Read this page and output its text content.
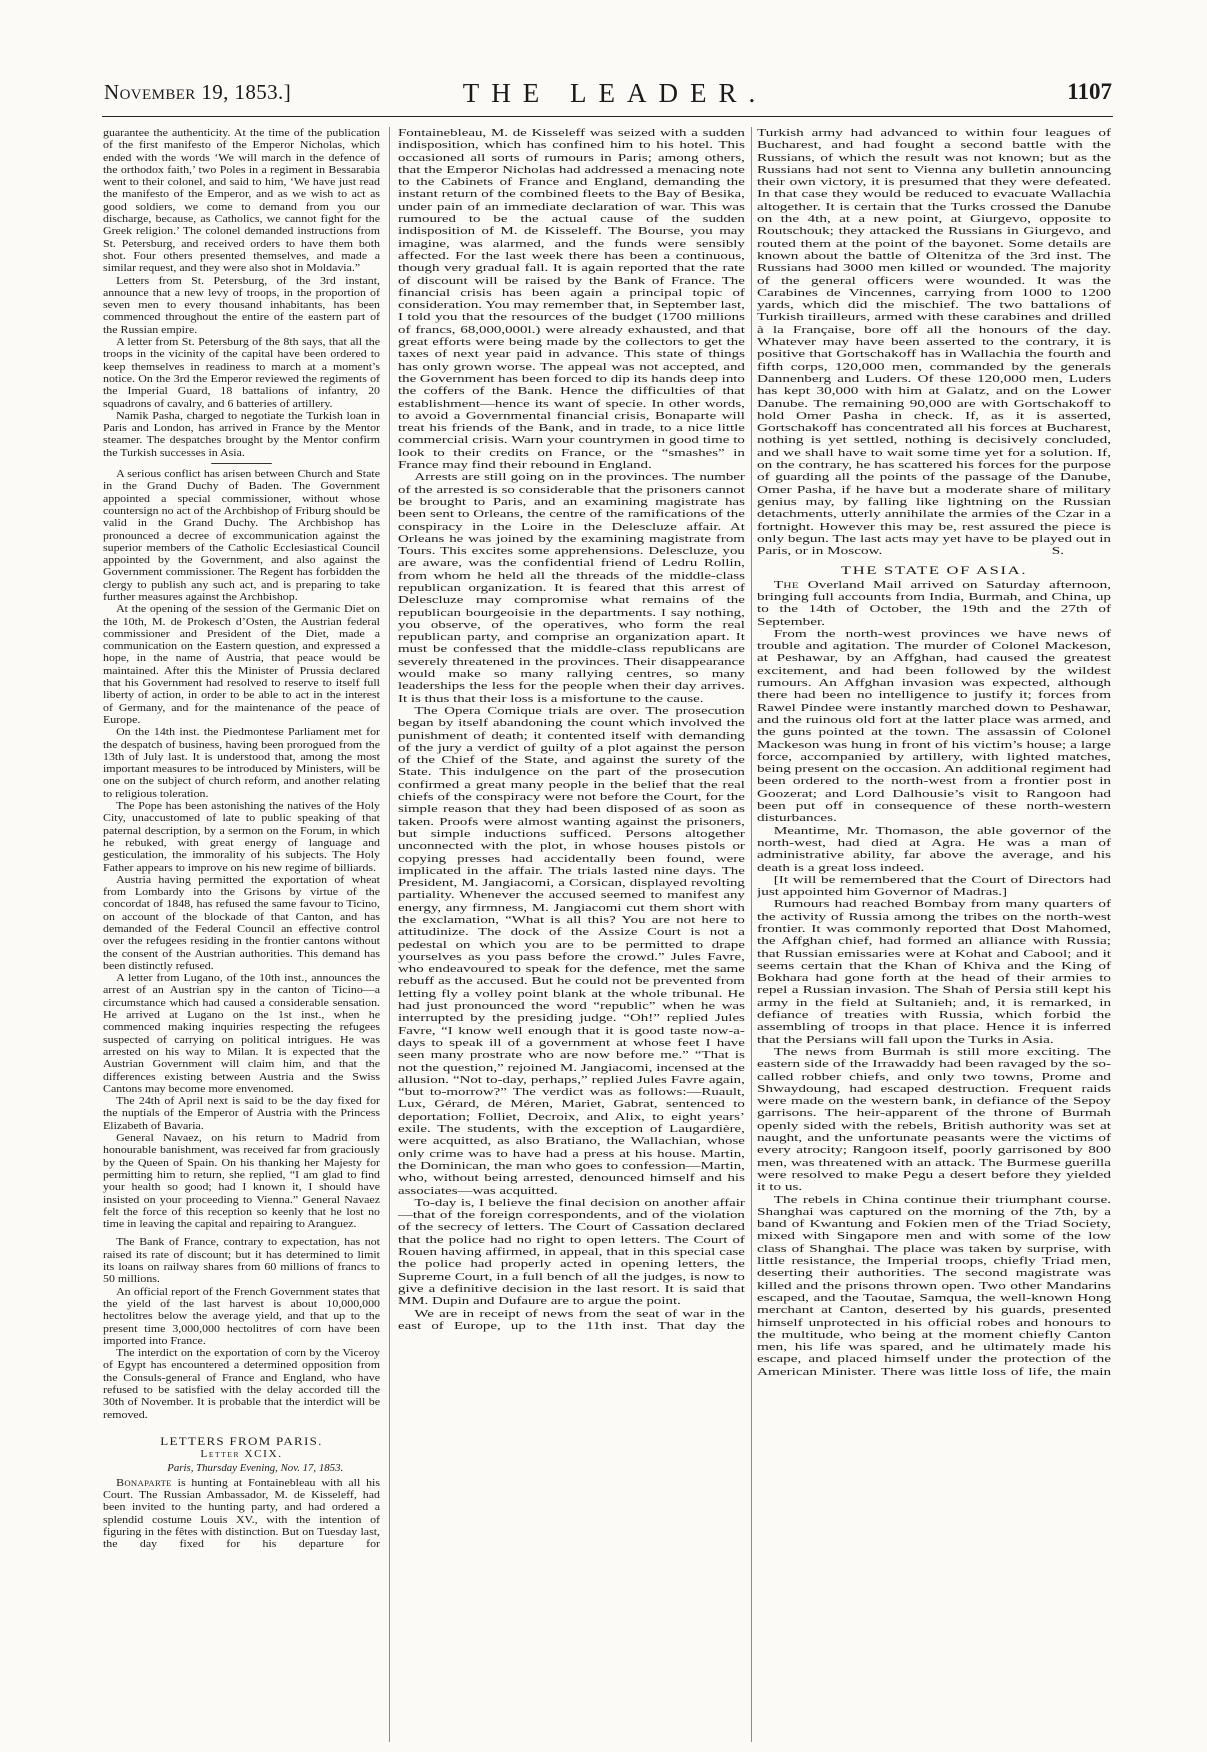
November 19, 1853.]	THE LEADER.	1107

guarantee the authenticity. At the time of the publication of the first manifesto of the Emperor Nicholas, which ended with the words ‘We will march in the defence of the orthodox faith,’ two Poles in a regiment in Bessarabia went to their colonel, and said to him, ‘We have just read the manifesto of the Emperor, and as we wish to act as good soldiers, we come to demand from you our discharge, because, as Catholics, we cannot fight for the Greek religion.’ The colonel demanded instructions from St. Petersburg, and received orders to have them both shot. Four others presented themselves, and made a similar request, and they were also shot in Moldavia.”

Letters from St. Petersburg, of the 3rd instant, announce that a new levy of troops, in the proportion of seven men to every thousand inhabitants, has been commenced throughout the entire of the eastern part of the Russian empire.

A letter from St. Petersburg of the 8th says, that all the troops in the vicinity of the capital have been ordered to keep themselves in readiness to march at a moment’s notice. On the 3rd the Emperor reviewed the regiments of the Imperial Guard, 18 battalions of infantry, 20 squadrons of cavalry, and 6 batteries of artillery.

Namik Pasha, charged to negotiate the Turkish loan in Paris and London, has arrived in France by the Mentor steamer. The despatches brought by the Mentor confirm the Turkish successes in Asia.

A serious conflict has arisen between Church and State in the Grand Duchy of Baden. The Government appointed a special commissioner, without whose countersign no act of the Archbishop of Friburg should be valid in the Grand Duchy. The Archbishop has pronounced a decree of excommunication against the superior members of the Catholic Ecclesiastical Council appointed by the Government, and also against the Government commissioner. The Regent has forbidden the clergy to publish any such act, and is preparing to take further measures against the Archbishop.

At the opening of the session of the Germanic Diet on the 10th, M. de Prokesch d’Osten, the Austrian federal commissioner and President of the Diet, made a communication on the Eastern question, and expressed a hope, in the name of Austria, that peace would be maintained. After this the Minister of Prussia declared that his Government had resolved to reserve to itself full liberty of action, in order to be able to act in the interest of Germany, and for the maintenance of the peace of Europe.

On the 14th inst. the Piedmontese Parliament met for the despatch of business, having been prorogued from the 13th of July last. It is understood that, among the most important measures to be introduced by Ministers, will be one on the subject of church reform, and another relating to religious toleration.

The Pope has been astonishing the natives of the Holy City, unaccustomed of late to public speaking of that paternal description, by a sermon on the Forum, in which he rebuked, with great energy of language and gesticulation, the immorality of his subjects. The Holy Father appears to improve on his new regime of billiards.

Austria having permitted the exportation of wheat from Lombardy into the Grisons by virtue of the concordat of 1848, has refused the same favour to Ticino, on account of the blockade of that Canton, and has demanded of the Federal Council an effective control over the refugees residing in the frontier cantons without the consent of the Austrian authorities. This demand has been distinctly refused.

A letter from Lugano, of the 10th inst., announces the arrest of an Austrian spy in the canton of Ticino—a circumstance which had caused a considerable sensation. He arrived at Lugano on the 1st inst., when he commenced making inquiries respecting the refugees suspected of carrying on political intrigues. He was arrested on his way to Milan. It is expected that the Austrian Government will claim him, and that the differences existing between Austria and the Swiss Cantons may become more envenomed.

The 24th of April next is said to be the day fixed for the nuptials of the Emperor of Austria with the Princess Elizabeth of Bavaria.

General Navaez, on his return to Madrid from honourable banishment, was received far from graciously by the Queen of Spain. On his thanking her Majesty for permitting him to return, she replied, “I am glad to find your health so good; had I known it, I should have insisted on your proceeding to Vienna.” General Navaez felt the force of this reception so keenly that he lost no time in leaving the capital and repairing to Aranguez.

The Bank of France, contrary to expectation, has not raised its rate of discount; but it has determined to limit its loans on railway shares from 60 millions of francs to 50 millions.

An official report of the French Government states that the yield of the last harvest is about 10,000,000 hectolitres below the average yield, and that up to the present time 3,000,000 hectolitres of corn have been imported into France.

The interdict on the exportation of corn by the Viceroy of Egypt has encountered a determined opposition from the Consuls-general of France and England, who have refused to be satisfied with the delay accorded till the 30th of November. It is probable that the interdict will be removed.

LETTERS FROM PARIS.
Letter XCIX.
Paris, Thursday Evening, Nov. 17, 1853.

Bonaparte is hunting at Fontainebleau with all his Court. The Russian Ambassador, M. de Kisseleff, had been invited to the hunting party, and had ordered a splendid costume Louis XV., with the intention of figuring in the fêtes with distinction. But on Tuesday last, the day fixed for his departure for

Fontainebleau, M. de Kisseleff was seized with a sudden indisposition, which has confined him to his hotel. This occasioned all sorts of rumours in Paris; among others, that the Emperor Nicholas had addressed a menacing note to the Cabinets of France and England, demanding the instant return of the combined fleets to the Bay of Besika, under pain of an immediate declaration of war. This was rumoured to be the actual cause of the sudden indisposition of M. de Kisseleff. The Bourse, you may imagine, was alarmed, and the funds were sensibly affected. For the last week there has been a continuous, though very gradual fall. It is again reported that the rate of discount will be raised by the Bank of France. The financial crisis has been again a principal topic of consideration. You may remember that, in September last, I told you that the resources of the budget (1700 millions of francs, 68,000,000l.) were already exhausted, and that great efforts were being made by the collectors to get the taxes of next year paid in advance. This state of things has only grown worse. The appeal was not accepted, and the Government has been forced to dip its hands deep into the coffers of the Bank. Hence the difficulties of that establishment—hence its want of specie. In other words, to avoid a Governmental financial crisis, Bonaparte will treat his friends of the Bank, and in trade, to a nice little commercial crisis. Warn your countrymen in good time to look to their credits on France, or the “smashes” in France may find their rebound in England.

Arrests are still going on in the provinces. The number of the arrested is so considerable that the prisoners cannot be brought to Paris, and an examining magistrate has been sent to Orleans, the centre of the ramifications of the conspiracy in the Loire in the Delescluze affair. At Orleans he was joined by the examining magistrate from Tours. This excites some apprehensions. Delescluze, you are aware, was the confidential friend of Ledru Rollin, from whom he held all the threads of the middle-class republican organization. It is feared that this arrest of Delescluze may compromise what remains of the republican bourgeoisie in the departments. I say nothing, you observe, of the operatives, who form the real republican party, and comprise an organization apart. It must be confessed that the middle-class republicans are severely threatened in the provinces. Their disappearance would make so many rallying centres, so many leaderships the less for the people when their day arrives. It is thus that their loss is a misfortune to the cause.

The Opera Comique trials are over. The prosecution began by itself abandoning the count which involved the punishment of death; it contented itself with demanding of the jury a verdict of guilty of a plot against the person of the Chief of the State, and against the surety of the State. This indulgence on the part of the prosecution confirmed a great many people in the belief that the real chiefs of the conspiracy were not before the Court, for the simple reason that they had been disposed of as soon as taken. Proofs were almost wanting against the prisoners, but simple inductions sufficed. Persons altogether unconnected with the plot, in whose houses pistols or copying presses had accidentally been found, were implicated in the affair. The trials lasted nine days. The President, M. Jangiacomi, a Corsican, displayed revolting partiality. Whenever the accused seemed to manifest any energy, any firmness, M. Jangiacomi cut them short with the exclamation, “What is all this? You are not here to attitudinize. The dock of the Assize Court is not a pedestal on which you are to be permitted to drape yourselves as you pass before the crowd.” Jules Favre, who endeavoured to speak for the defence, met the same rebuff as the accused. But he could not be prevented from letting fly a volley point blank at the whole tribunal. He had just pronounced the word “republic” when he was interrupted by the presiding judge. “Oh!” replied Jules Favre, “I know well enough that it is good taste now-a-days to speak ill of a government at whose feet I have seen many prostrate who are now before me.” “That is not the question,” rejoined M. Jangiacomi, incensed at the allusion. “Not to-day, perhaps,” replied Jules Favre again, “but to-morrow?” The verdict was as follows:—Ruault, Lux, Gérard, de Méren, Mariet, Gabrat, sentenced to deportation; Folliet, Decroix, and Alix, to eight years’ exile. The students, with the exception of Laugardière, were acquitted, as also Bratiano, the Wallachian, whose only crime was to have had a press at his house. Martin, the Dominican, the man who goes to confession—Martin, who, without being arrested, denounced himself and his associates—was acquitted.

To-day is, I believe the final decision on another affair—that of the foreign correspondents, and of the violation of the secrecy of letters. The Court of Cassation declared that the police had no right to open letters. The Court of Rouen having affirmed, in appeal, that in this special case the police had properly acted in opening letters, the Supreme Court, in a full bench of all the judges, is now to give a definitive decision in the last resort. It is said that MM. Dupin and Dufaure are to argue the point.

We are in receipt of news from the seat of war in the east of Europe, up to the 11th inst. That day the

Turkish army had advanced to within four leagues of Bucharest, and had fought a second battle with the Russians, of which the result was not known; but as the Russians had not sent to Vienna any bulletin announcing their own victory, it is presumed that they were defeated. In that case they would be reduced to evacuate Wallachia altogether. It is certain that the Turks crossed the Danube on the 4th, at a new point, at Giurgevo, opposite to Routschouk; they attacked the Russians in Giurgevo, and routed them at the point of the bayonet. Some details are known about the battle of Oltenitza of the 3rd inst. The Russians had 3000 men killed or wounded. The majority of the general officers were wounded. It was the Carabines de Vincennes, carrying from 1000 to 1200 yards, which did the mischief. The two battalions of Turkish tirailleurs, armed with these carabines and drilled à la Française, bore off all the honours of the day. Whatever may have been asserted to the contrary, it is positive that Gortschakoff has in Wallachia the fourth and fifth corps, 120,000 men, commanded by the generals Dannenberg and Luders. Of these 120,000 men, Luders has kept 30,000 with him at Galatz, and on the Lower Danube. The remaining 90,000 are with Gortschakoff to hold Omer Pasha in check. If, as it is asserted, Gortschakoff has concentrated all his forces at Bucharest, nothing is yet settled, nothing is decisively concluded, and we shall have to wait some time yet for a solution. If, on the contrary, he has scattered his forces for the purpose of guarding all the points of the passage of the Danube, Omer Pasha, if he have but a moderate share of military genius may, by falling like lightning on the Russian detachments, utterly annihilate the armies of the Czar in a fortnight. However this may be, rest assured the piece is only begun. The last acts may yet have to be played out in Paris, or in Moscow.	S.

THE STATE OF ASIA.

The Overland Mail arrived on Saturday afternoon, bringing full accounts from India, Burmah, and China, up to the 14th of October, the 19th and the 27th of September.

From the north-west provinces we have news of trouble and agitation. The murder of Colonel Mackeson, at Peshawar, by an Affghan, had caused the greatest excitement, and had been followed by the wildest rumours. An Affghan invasion was expected, although there had been no intelligence to justify it; forces from Rawel Pindee were instantly marched down to Peshawar, and the ruinous old fort at the latter place was armed, and the guns pointed at the town. The assassin of Colonel Mackeson was hung in front of his victim’s house; a large force, accompanied by artillery, with lighted matches, being present on the occasion. An additional regiment had been ordered to the north-west from a frontier post in Goozerat; and Lord Dalhousie’s visit to Rangoon had been put off in consequence of these north-western disturbances.

Meantime, Mr. Thomason, the able governor of the north-west, had died at Agra. He was a man of administrative ability, far above the average, and his death is a great loss indeed.

[It will be remembered that the Court of Directors had just appointed him Governor of Madras.]

Rumours had reached Bombay from many quarters of the activity of Russia among the tribes on the north-west frontier. It was commonly reported that Dost Mahomed, the Affghan chief, had formed an alliance with Russia; that Russian emissaries were at Kohat and Cabool; and it seems certain that the Khan of Khiva and the King of Bokhara had gone forth at the head of their armies to repel a Russian invasion. The Shah of Persia still kept his army in the field at Sultanieh; and, it is remarked, in defiance of treaties with Russia, which forbid the assembling of troops in that place. Hence it is inferred that the Persians will fall upon the Turks in Asia.

The news from Burmah is still more exciting. The eastern side of the Irrawaddy had been ravaged by the so-called robber chiefs, and only two towns, Prome and Shwaydoung, had escaped destruction. Frequent raids were made on the western bank, in defiance of the Sepoy garrisons. The heir-apparent of the throne of Burmah openly sided with the rebels, British authority was set at naught, and the unfortunate peasants were the victims of every atrocity; Rangoon itself, poorly garrisoned by 800 men, was threatened with an attack. The Burmese guerilla were resolved to make Pegu a desert before they yielded it to us.

The rebels in China continue their triumphant course. Shanghai was captured on the morning of the 7th, by a band of Kwantung and Fokien men of the Triad Society, mixed with Singapore men and with some of the low class of Shanghai. The place was taken by surprise, with little resistance, the Imperial troops, chiefly Triad men, deserting their authorities. The second magistrate was killed and the prisons thrown open. Two other Mandarins escaped, and the Taoutae, Samqua, the well-known Hong merchant at Canton, deserted by his guards, presented himself unprotected in his official robes and honours to the multitude, who being at the moment chiefly Canton men, his life was spared, and he ultimately made his escape, and placed himself under the protection of the American Minister. There was little loss of life, the main
